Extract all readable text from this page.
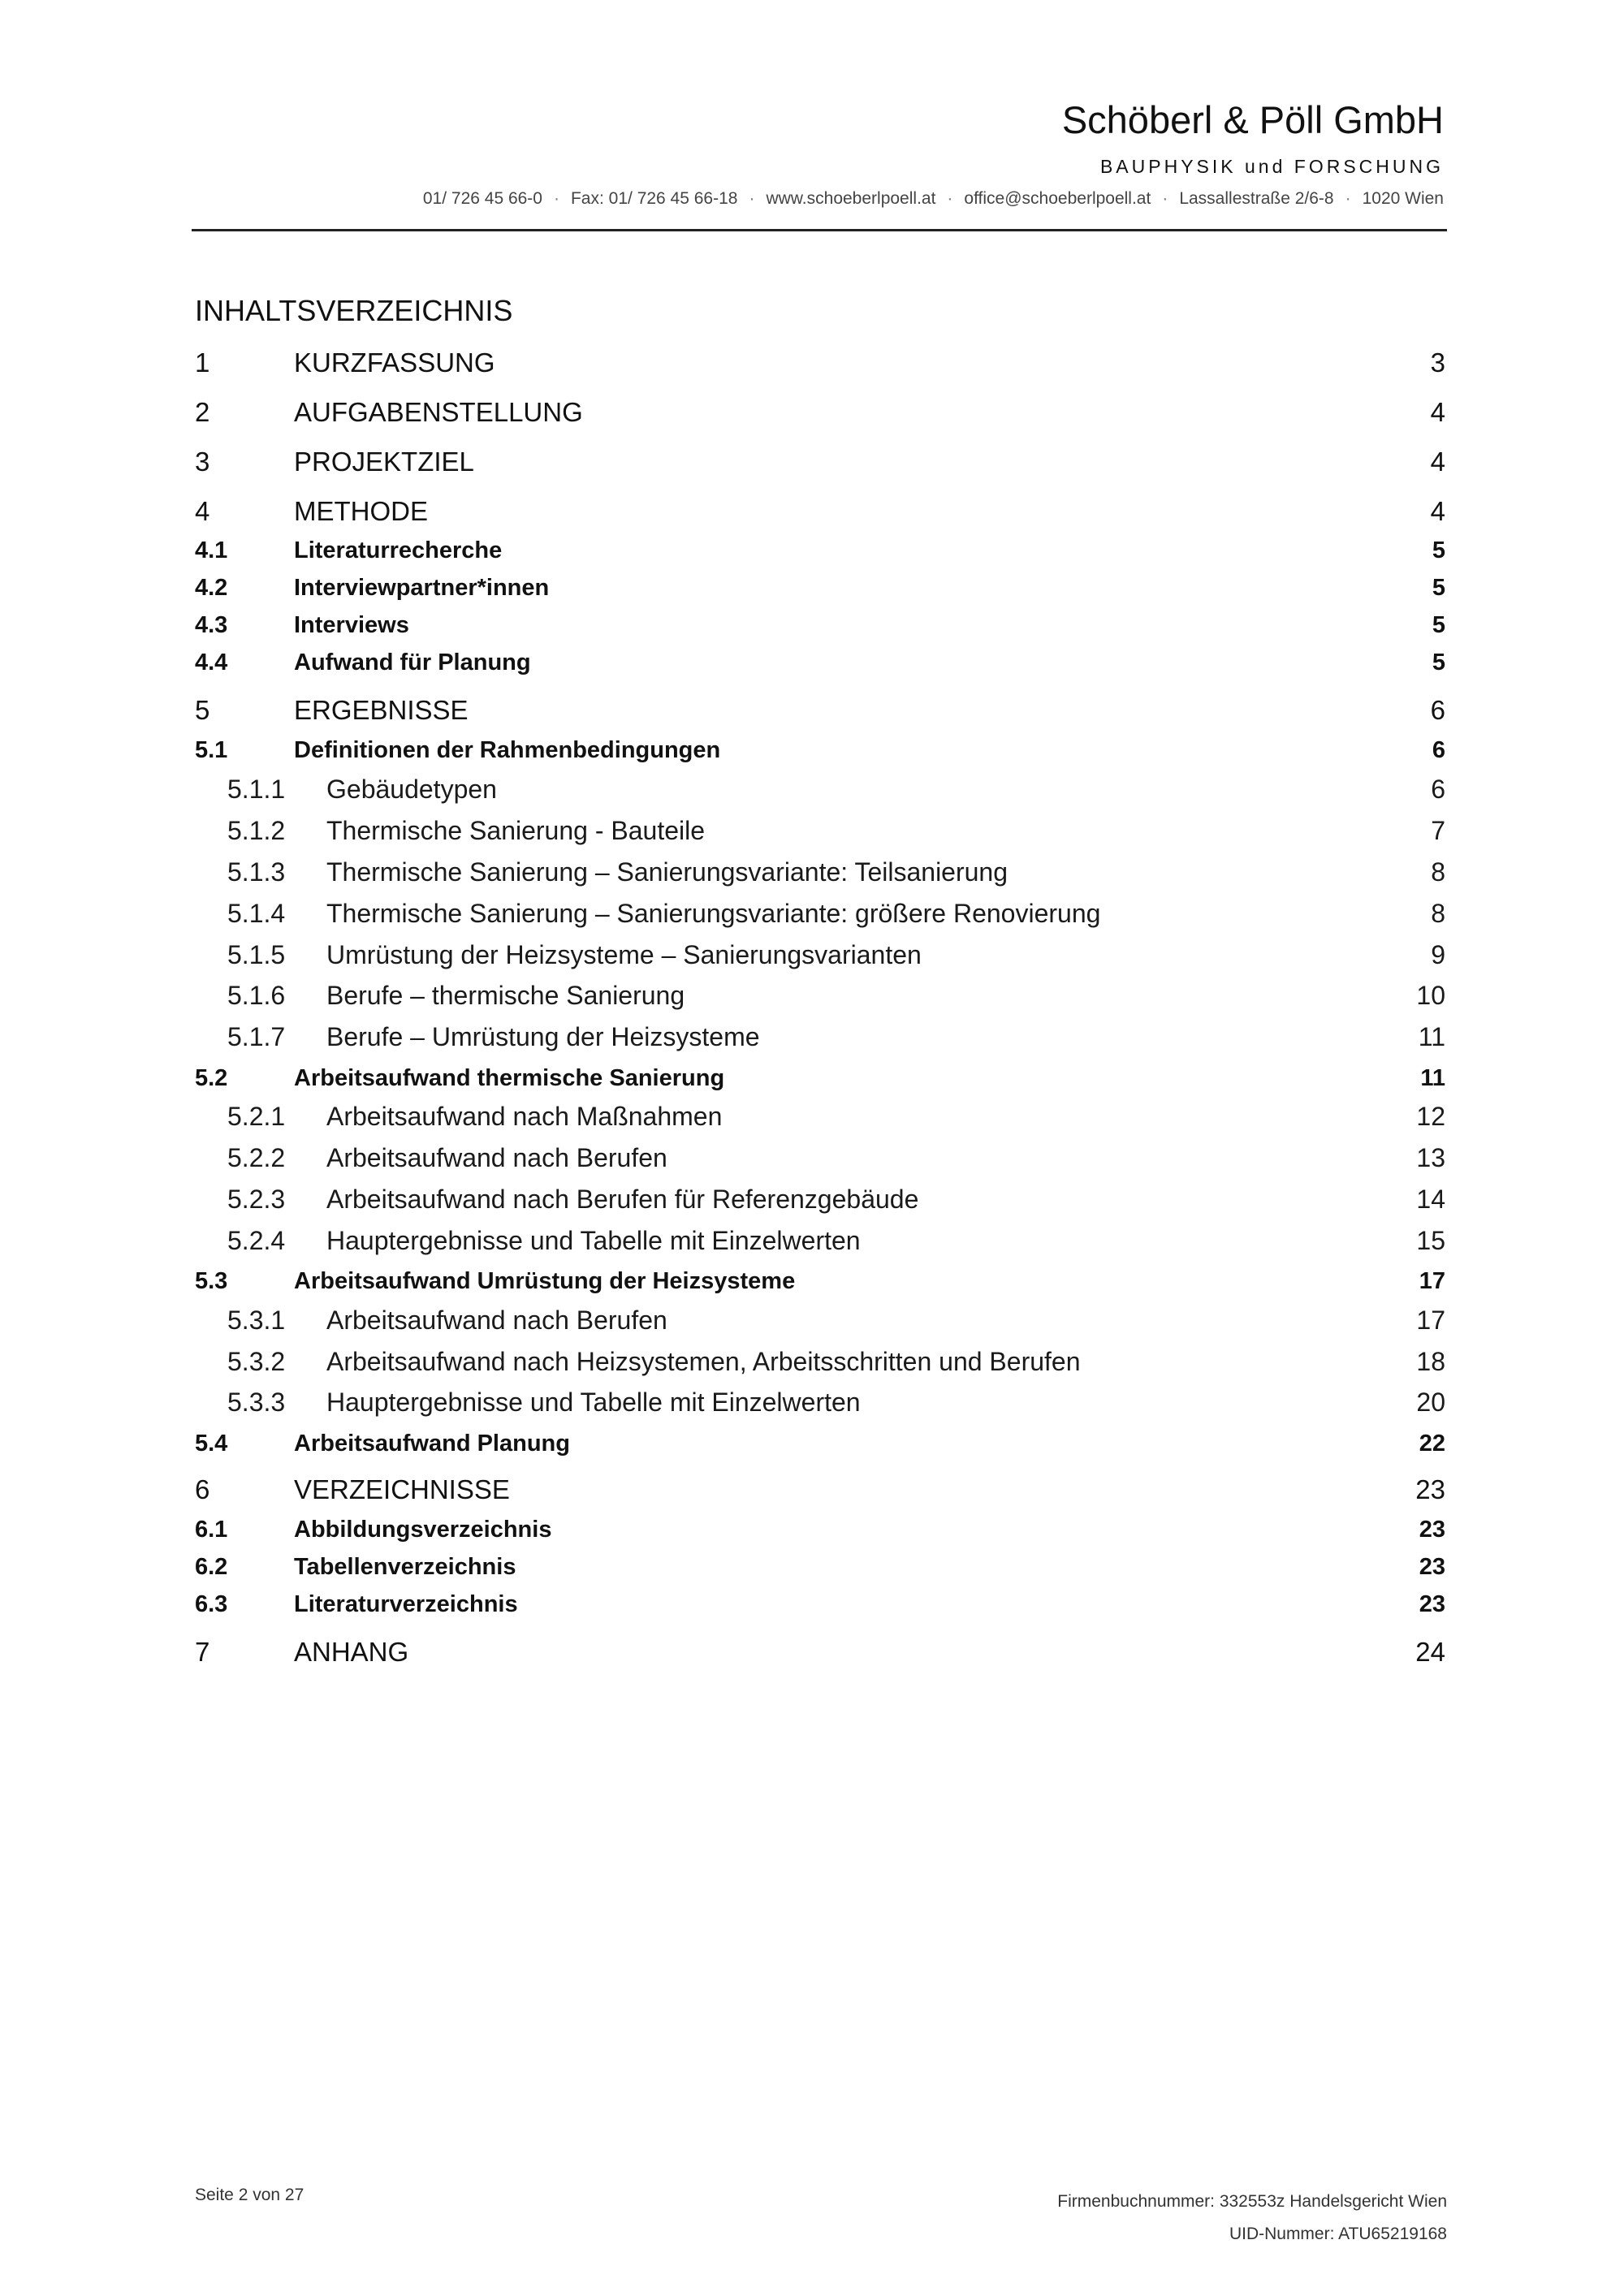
Schöberl & Pöll GmbH
BAUPHYSIK und FORSCHUNG
01/ 726 45 66-0 · Fax: 01/ 726 45 66-18 · www.schoeberlpoell.at · office@schoeberlpoell.at · Lassallestraße 2/6-8 · 1020 Wien
INHALTSVERZEICHNIS
1	KURZFASSUNG	3
2	AUFGABENSTELLUNG	4
3	PROJEKTZIEL	4
4	METHODE	4
4.1	Literaturrecherche	5
4.2	Interviewpartner*innen	5
4.3	Interviews	5
4.4	Aufwand für Planung	5
5	ERGEBNISSE	6
5.1	Definitionen der Rahmenbedingungen	6
5.1.1 Gebäudetypen	6
5.1.2 Thermische Sanierung - Bauteile	7
5.1.3 Thermische Sanierung – Sanierungsvariante: Teilsanierung	8
5.1.4 Thermische Sanierung – Sanierungsvariante: größere Renovierung	8
5.1.5 Umrüstung der Heizsysteme – Sanierungsvarianten	9
5.1.6 Berufe – thermische Sanierung	10
5.1.7 Berufe – Umrüstung der Heizsysteme	11
5.2	Arbeitsaufwand thermische Sanierung	11
5.2.1 Arbeitsaufwand nach Maßnahmen	12
5.2.2 Arbeitsaufwand nach Berufen	13
5.2.3 Arbeitsaufwand nach Berufen für Referenzgebäude	14
5.2.4 Hauptergebnisse und Tabelle mit Einzelwerten	15
5.3	Arbeitsaufwand Umrüstung der Heizsysteme	17
5.3.1 Arbeitsaufwand nach Berufen	17
5.3.2 Arbeitsaufwand nach Heizsystemen, Arbeitsschritten und Berufen	18
5.3.3 Hauptergebnisse und Tabelle mit Einzelwerten	20
5.4	Arbeitsaufwand Planung	22
6	VERZEICHNISSE	23
6.1	Abbildungsverzeichnis	23
6.2	Tabellenverzeichnis	23
6.3	Literaturverzeichnis	23
7	ANHANG	24
Seite 2 von 27	Firmenbuchnummer: 332553z Handelsgericht Wien
UID-Nummer: ATU65219168
